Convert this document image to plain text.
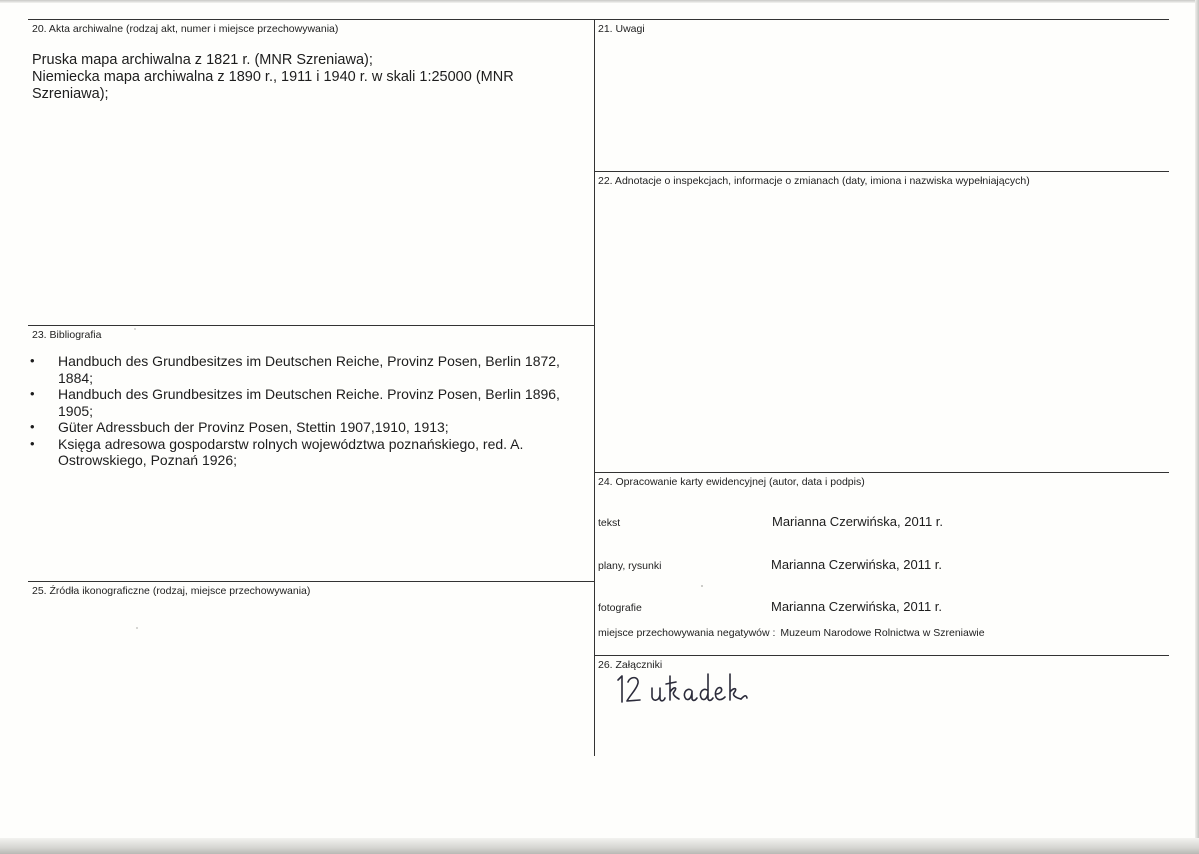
20. Akta archiwalne (rodzaj akt, numer i miejsce przechowywania)
Pruska mapa archiwalna z 1821 r. (MNR Szreniawa);
Niemiecka mapa archiwalna z 1890 r., 1911 i 1940 r. w skali 1:25000 (MNR
Szreniawa);
21. Uwagi
22. Adnotacje o inspekcjach, informacje o zmianach (daty, imiona i nazwiska wypełniających)
23. Bibliografia
• Handbuch des Grundbesitzes im Deutschen Reiche, Provinz Posen, Berlin 1872,
1884;
• Handbuch des Grundbesitzes im Deutschen Reiche. Provinz Posen, Berlin 1896,
1905;
• Güter Adressbuch der Provinz Posen, Stettin 1907,1910, 1913;
• Księga adresowa gospodarstw rolnych województwa poznańskiego, red. A.
Ostrowskiego, Poznań 1926;
24. Opracowanie karty ewidencyjnej (autor, data i podpis)
tekst	Marianna Czerwińska, 2011 r.
plany, rysunki	Marianna Czerwińska, 2011 r.
fotografie	Marianna Czerwińska, 2011 r.
miejsce przechowywania negatywów : Muzeum Narodowe Rolnictwa w Szreniawie
25. Źródła ikonograficzne (rodzaj, miejsce przechowywania)
26. Załączniki
